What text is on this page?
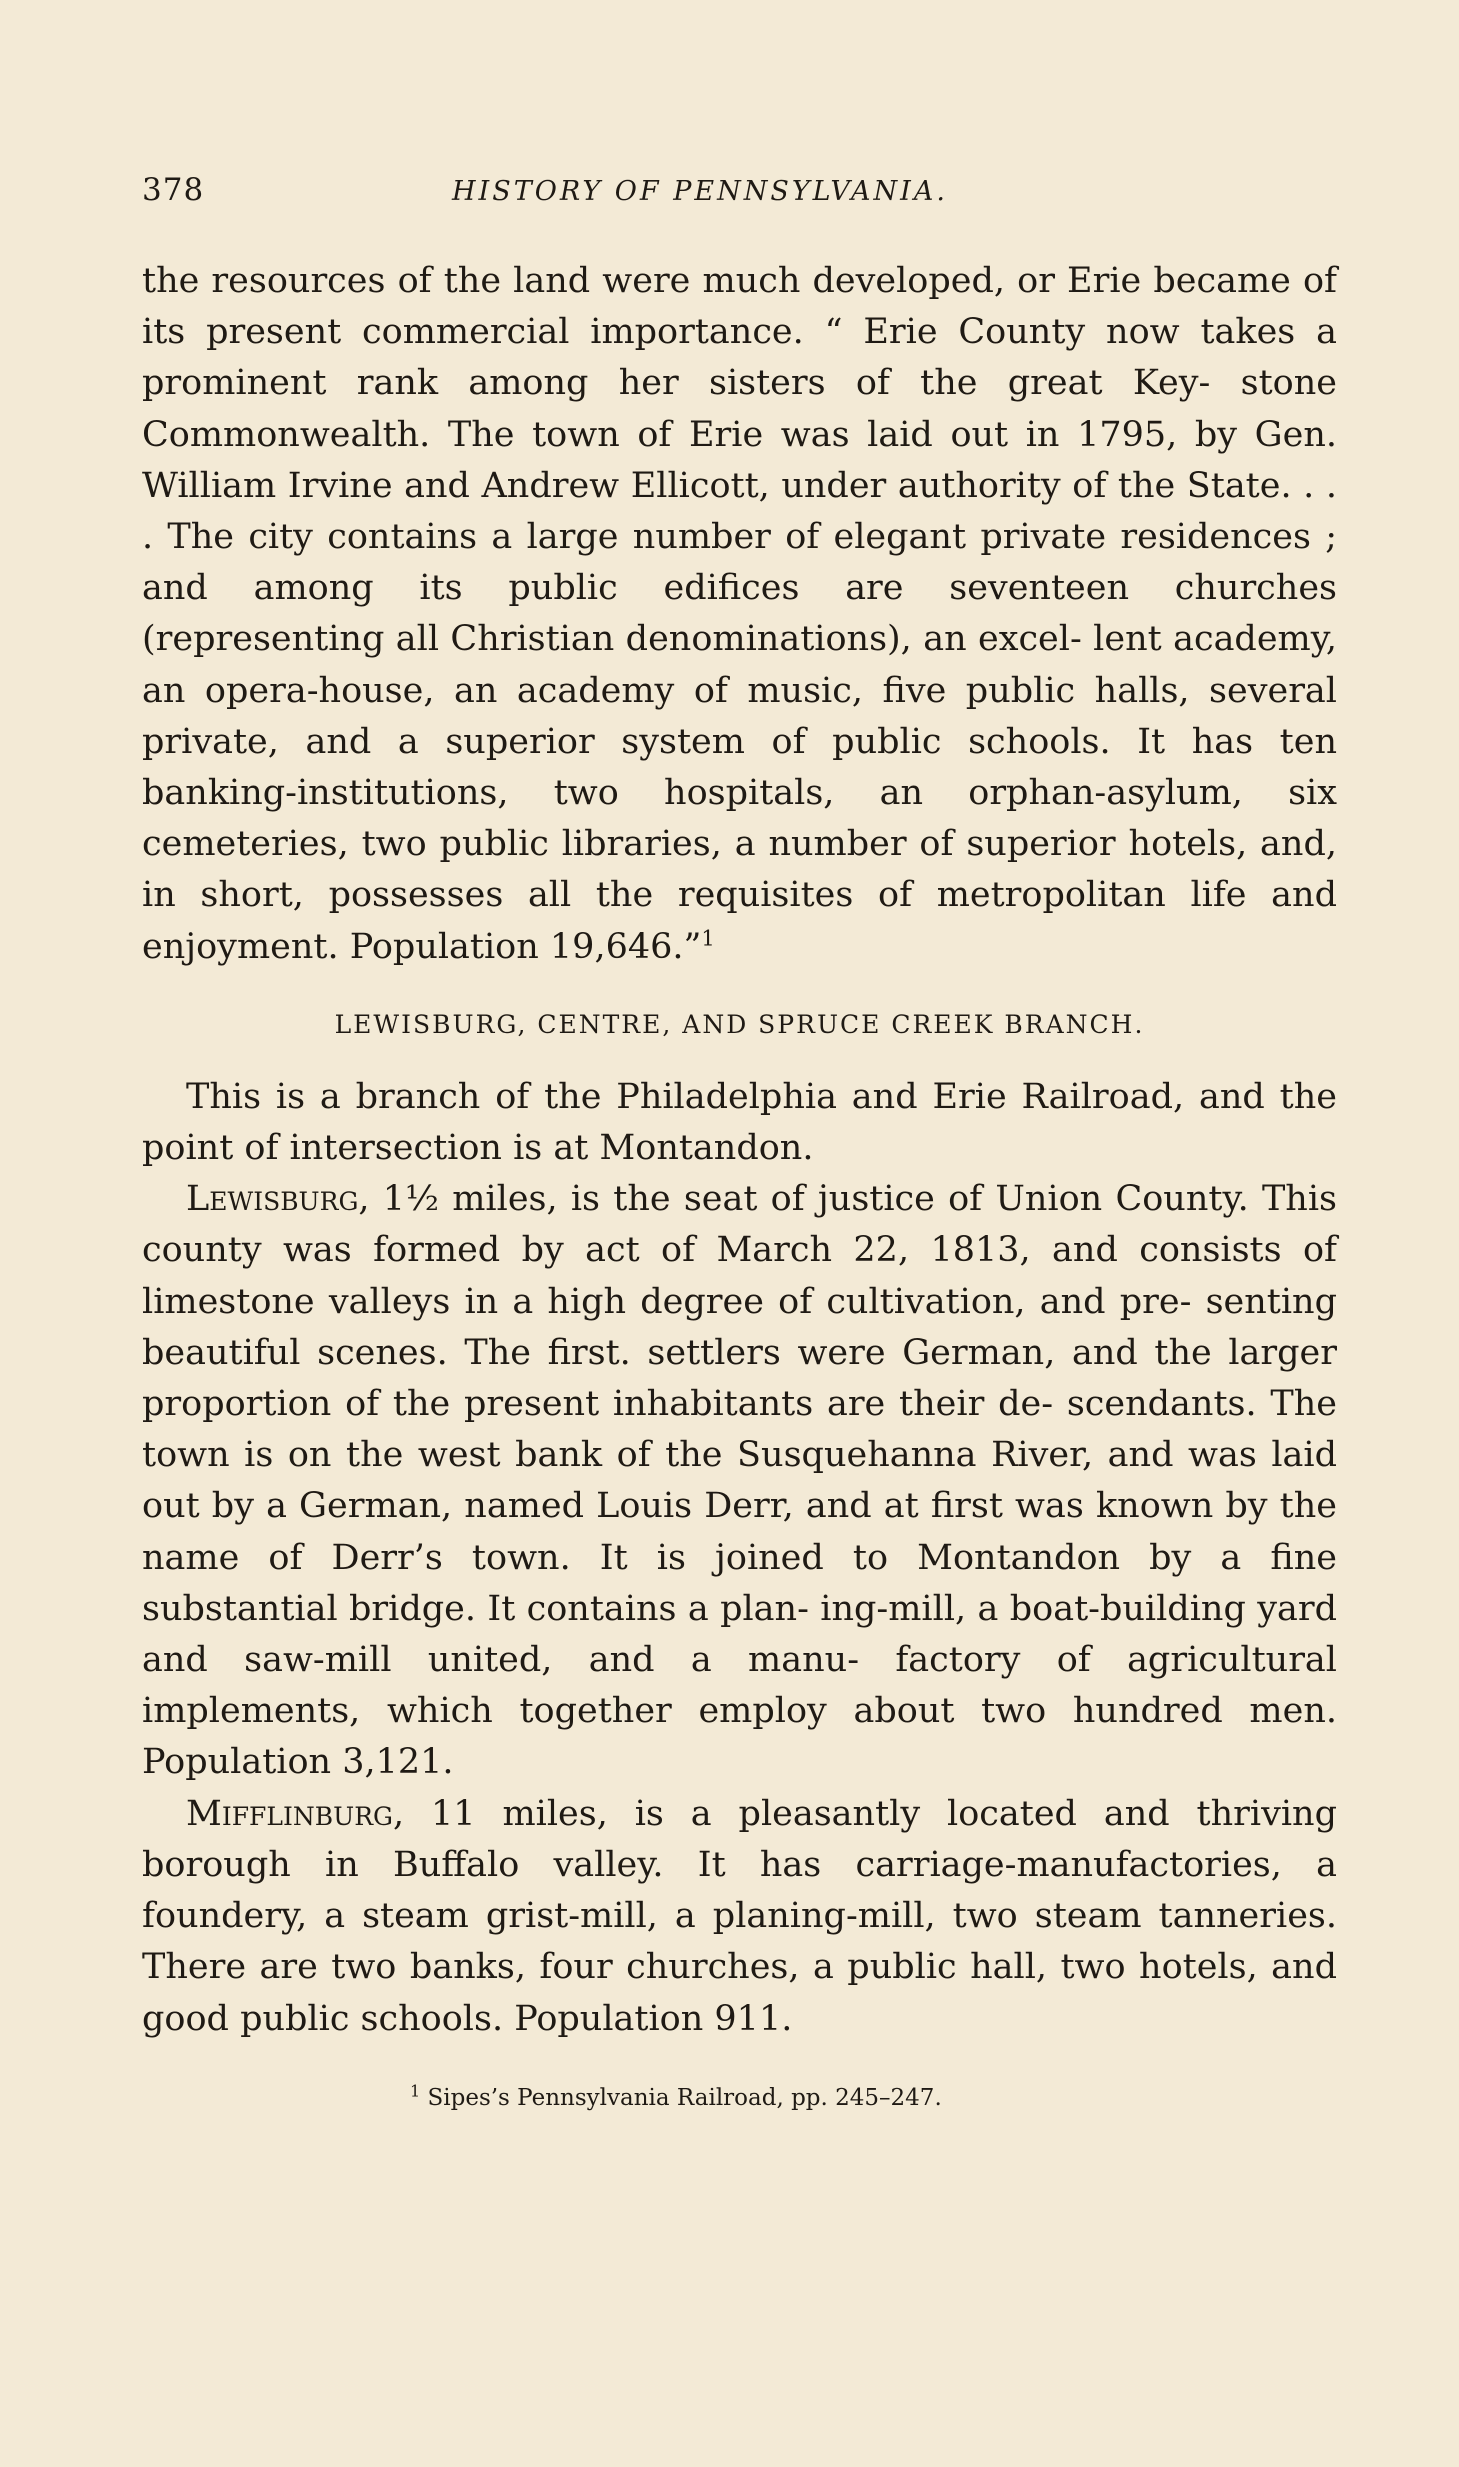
378	HISTORY OF PENNSYLVANIA.

the resources of the land were much developed, or Erie became of its present commercial importance. “ Erie County now takes a prominent rank among her sisters of the great Key- stone Commonwealth. The town of Erie was laid out in 1795, by Gen. William Irvine and Andrew Ellicott, under authority of the State. . . . The city contains a large number of elegant private residences ; and among its public edifices are seventeen churches (representing all Christian denominations), an excel- lent academy, an opera-house, an academy of music, five public halls, several private, and a superior system of public schools. It has ten banking-institutions, two hospitals, an orphan-asylum, six cemeteries, two public libraries, a number of superior hotels, and, in short, possesses all the requisites of metropolitan life and enjoyment. Population 19,646.”$^1$

LEWISBURG, CENTRE, AND SPRUCE CREEK BRANCH.

This is a branch of the Philadelphia and Erie Railroad, and the point of intersection is at Montandon.

Lewisburg, 1½ miles, is the seat of justice of Union County. This county was formed by act of March 22, 1813, and consists of limestone valleys in a high degree of cultivation, and pre- senting beautiful scenes. The first. settlers were German, and the larger proportion of the present inhabitants are their de- scendants. The town is on the west bank of the Susquehanna River, and was laid out by a German, named Louis Derr, and at first was known by the name of Derr’s town. It is joined to Montandon by a fine substantial bridge. It contains a plan- ing-mill, a boat-building yard and saw-mill united, and a manu- factory of agricultural implements, which together employ about two hundred men. Population 3,121.

Mifflinburg, 11 miles, is a pleasantly located and thriving borough in Buffalo valley. It has carriage-manufactories, a foundery, a steam grist-mill, a planing-mill, two steam tanneries. There are two banks, four churches, a public hall, two hotels, and good public schools. Population 911.

$^1$ Sipes’s Pennsylvania Railroad, pp. 245–247.
